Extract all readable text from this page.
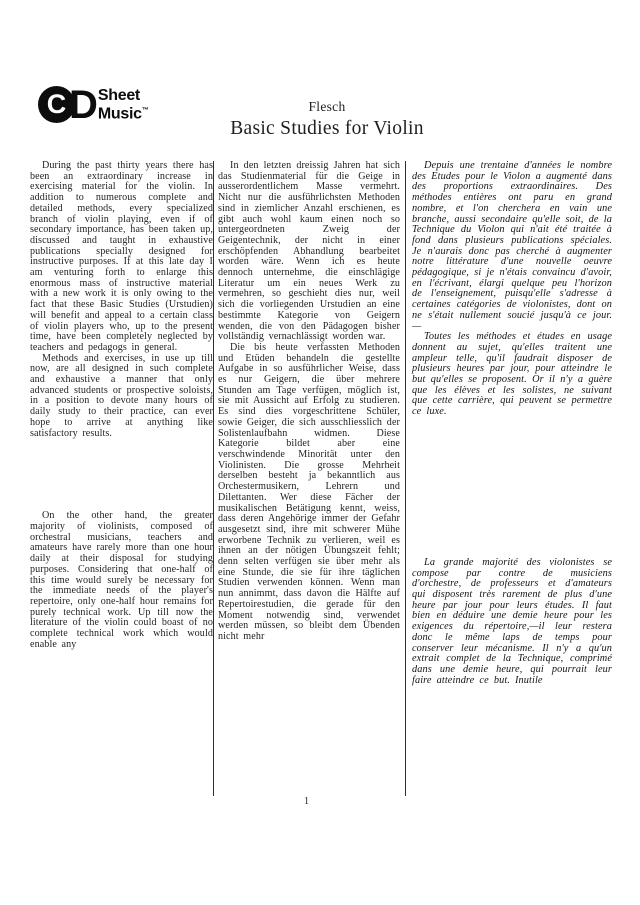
C D Sheet
Music™	Flesch
Basic Studies for Violin

During the past thirty years there has been an extraordinary increase in exercising material for the violin. In addition to numerous complete and detailed methods, every specialized branch of violin playing, even if of secondary importance, has been taken up, discussed and taught in exhaustive publications specially designed for instructive purposes. If at this late day I am venturing forth to enlarge this enormous mass of instructive material with a new work it is only owing to the fact that these Basic Studies (Urstudien) will benefit and appeal to a certain class of violin players who, up to the present time, have been completely neglected by teachers and pedagogs in general.

Methods and exercises, in use up till now, are all designed in such complete and exhaustive a manner that only advanced students or prospective soloists, in a position to devote many hours of daily study to their practice, can ever hope to arrive at anything like satisfactory results.

On the other hand, the greater majority of violinists, composed of orchestral musicians, teachers and amateurs have rarely more than one hour daily at their disposal for studying purposes. Considering that one-half of this time would surely be necessary for the immediate needs of the player's repertoire, only one-half hour remains for purely technical work. Up till now the literature of the violin could boast of no complete technical work which would enable any

In den letzten dreissig Jahren hat sich das Studienmaterial für die Geige in ausserordentlichem Masse vermehrt. Nicht nur die ausführlichsten Methoden sind in ziemlicher Anzahl erschienen, es gibt auch wohl kaum einen noch so untergeordneten Zweig der Geigentechnik, der nicht in einer erschöpfenden Abhandlung bearbeitet worden wäre. Wenn ich es heute dennoch unternehme, die einschlägige Literatur um ein neues Werk zu vermehren, so geschieht dies nur, weil sich die vorliegenden Urstudien an eine bestimmte Kategorie von Geigern wenden, die von den Pädagogen bisher vollständig vernachlässigt worden war.

Die bis heute verfassten Methoden und Etüden behandeln die gestellte Aufgabe in so ausführlicher Weise, dass es nur Geigern, die über mehrere Stunden am Tage verfügen, möglich ist, sie mit Aussicht auf Erfolg zu studieren. Es sind dies vorgeschrittene Schüler, sowie Geiger, die sich ausschliesslich der Solistenlaufbahn widmen. Diese Kategorie bildet aber eine verschwindende Minorität unter den Violinisten. Die grosse Mehrheit derselben besteht ja bekanntlich aus Orchestermusikern, Lehrern und Dilettanten. Wer diese Fächer der musikalischen Betätigung kennt, weiss, dass deren Angehörige immer der Gefahr ausgesetzt sind, ihre mit schwerer Mühe erworbene Technik zu verlieren, weil es ihnen an der nötigen Übungszeit fehlt; denn selten verfügen sie über mehr als eine Stunde, die sie für ihre täglichen Studien verwenden können. Wenn man nun annimmt, dass davon die Hälfte auf Repertoirestudien, die gerade für den Moment notwendig sind, verwendet werden müssen, so bleibt dem Übenden nicht mehr

Depuis une trentaine d'années le nombre des Etudes pour le Violon a augmenté dans des proportions extraordinaires. Des méthodes entières ont paru en grand nombre, et l'on cherchera en vain une branche, aussi secondaire qu'elle soit, de la Technique du Violon qui n'ait été traitée à fond dans plusieurs publications spéciales. Je n'aurais donc pas cherché à augmenter notre littérature d'une nouvelle oeuvre pédagogique, si je n'étais convaincu d'avoir, en l'écrivant, élargi quelque peu l'horizon de l'enseignement, puisqu'elle s'adresse à certaines catégories de violonistes, dont on ne s'était nullement soucié jusqu'à ce jour.—

Toutes les méthodes et études en usage donnent au sujet, qu'elles traitent une ampleur telle, qu'il faudrait disposer de plusieurs heures par jour, pour atteindre le but qu'elles se proposent. Or il n'y a guère que les élèves et les solistes, ne suivant que cette carrière, qui peuvent se permettre ce luxe.

La grande majorité des violonistes se compose par contre de musiciens d'orchestre, de professeurs et d'amateurs qui disposent très rarement de plus d'une heure par jour pour leurs études. Il faut bien en déduire une demie heure pour les exigences du répertoire,—il leur restera donc le même laps de temps pour conserver leur mécanisme. Il n'y a qu'un extrait complet de la Technique, comprimé dans une demie heure, qui pourrait leur faire atteindre ce but. Inutile

1
